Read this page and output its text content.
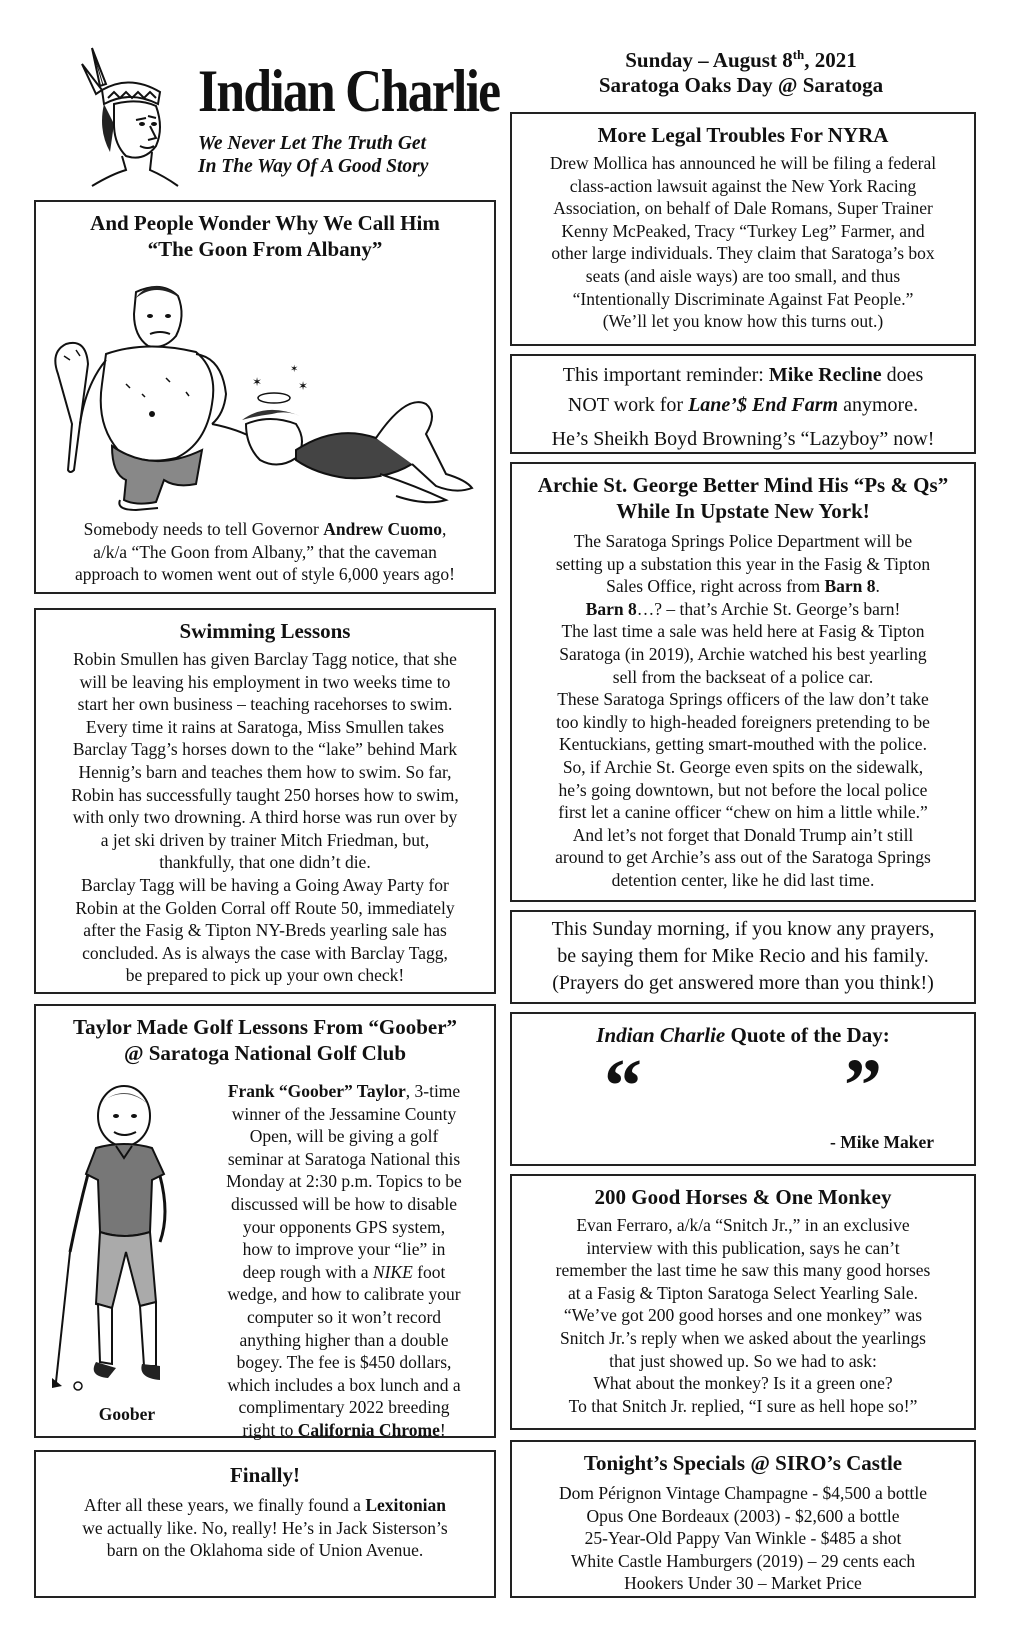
Indian Charlie
We Never Let The Truth Get
In The Way Of A Good Story
Sunday – August 8th, 2021
Saratoga Oaks Day @ Saratoga
And People Wonder Why We Call Him
“The Goon From Albany”
✶	✶
✶
Somebody needs to tell Governor Andrew Cuomo,
a/k/a “The Goon from Albany,” that the caveman
approach to women went out of style 6,000 years ago!
Swimming Lessons
Robin Smullen has given Barclay Tagg notice, that she
will be leaving his employment in two weeks time to
start her own business – teaching racehorses to swim.
Every time it rains at Saratoga, Miss Smullen takes
Barclay Tagg’s horses down to the “lake” behind Mark
Hennig’s barn and teaches them how to swim. So far,
Robin has successfully taught 250 horses how to swim,
with only two drowning. A third horse was run over by
a jet ski driven by trainer Mitch Friedman, but,
thankfully, that one didn’t die.
Barclay Tagg will be having a Going Away Party for
Robin at the Golden Corral off Route 50, immediately
after the Fasig & Tipton NY-Breds yearling sale has
concluded. As is always the case with Barclay Tagg,
be prepared to pick up your own check!
Taylor Made Golf Lessons From “Goober”
@ Saratoga National Golf Club
Goober
Frank “Goober” Taylor, 3-time
winner of the Jessamine County
Open, will be giving a golf
seminar at Saratoga National this
Monday at 2:30 p.m. Topics to be
discussed will be how to disable
your opponents GPS system,
how to improve your “lie” in
deep rough with a NIKE foot
wedge, and how to calibrate your
computer so it won’t record
anything higher than a double
bogey. The fee is $450 dollars,
which includes a box lunch and a
complimentary 2022 breeding
right to California Chrome!
Finally!
After all these years, we finally found a Lexitonian
we actually like. No, really! He’s in Jack Sisterson’s
barn on the Oklahoma side of Union Avenue.
More Legal Troubles For NYRA
Drew Mollica has announced he will be filing a federal
class-action lawsuit against the New York Racing
Association, on behalf of Dale Romans, Super Trainer
Kenny McPeaked, Tracy “Turkey Leg” Farmer, and
other large individuals. They claim that Saratoga’s box
seats (and aisle ways) are too small, and thus
“Intentionally Discriminate Against Fat People.”
(We’ll let you know how this turns out.)
This important reminder: Mike Recline does
NOT work for Lane’$ End Farm anymore.
He’s Sheikh Boyd Browning’s “Lazyboy” now!
Archie St. George Better Mind His “Ps & Qs”
While In Upstate New York!
The Saratoga Springs Police Department will be
setting up a substation this year in the Fasig & Tipton
Sales Office, right across from Barn 8.
Barn 8…? – that’s Archie St. George’s barn!
The last time a sale was held here at Fasig & Tipton
Saratoga (in 2019), Archie watched his best yearling
sell from the backseat of a police car.
These Saratoga Springs officers of the law don’t take
too kindly to high-headed foreigners pretending to be
Kentuckians, getting smart-mouthed with the police.
So, if Archie St. George even spits on the sidewalk,
he’s going downtown, but not before the local police
first let a canine officer “chew on him a little while.”
And let’s not forget that Donald Trump ain’t still
around to get Archie’s ass out of the Saratoga Springs
detention center, like he did last time.
This Sunday morning, if you know any prayers,
be saying them for Mike Recio and his family.
(Prayers do get answered more than you think!)
Indian Charlie Quote of the Day:
“	”
- Mike Maker
200 Good Horses & One Monkey
Evan Ferraro, a/k/a “Snitch Jr.,” in an exclusive
interview with this publication, says he can’t
remember the last time he saw this many good horses
at a Fasig & Tipton Saratoga Select Yearling Sale.
“We’ve got 200 good horses and one monkey” was
Snitch Jr.’s reply when we asked about the yearlings
that just showed up. So we had to ask:
What about the monkey? Is it a green one?
To that Snitch Jr. replied, “I sure as hell hope so!”
Tonight’s Specials @ SIRO’s Castle
Dom Pérignon Vintage Champagne - $4,500 a bottle
Opus One Bordeaux (2003) - $2,600 a bottle
25-Year-Old Pappy Van Winkle - $485 a shot
White Castle Hamburgers (2019) – 29 cents each
Hookers Under 30 – Market Price
